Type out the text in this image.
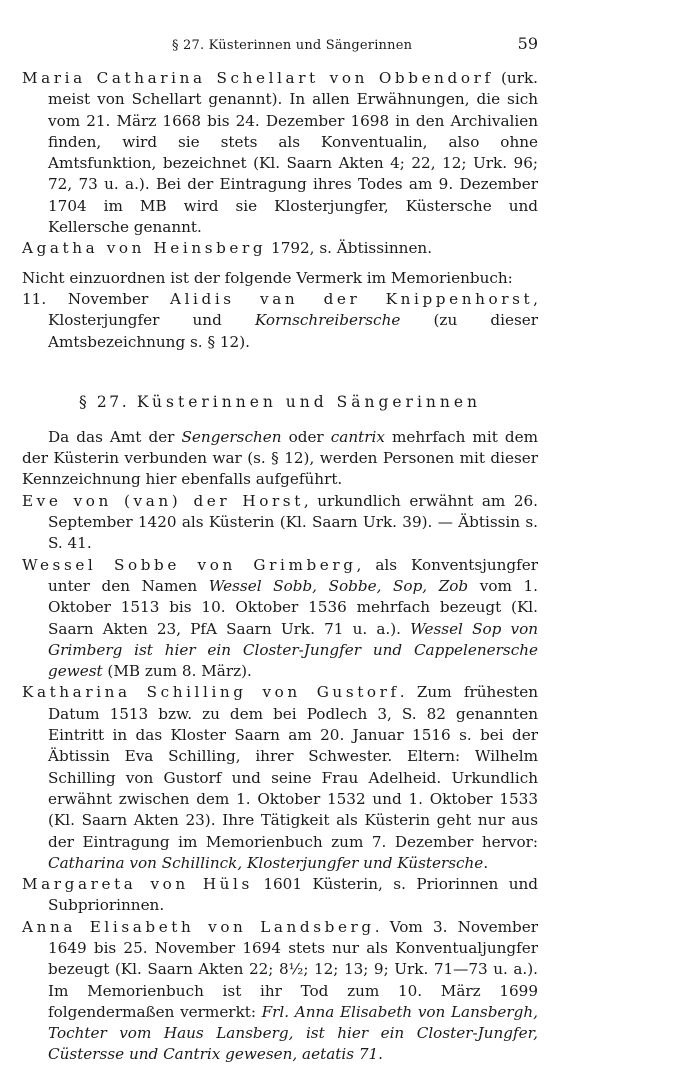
§ 27. Küsterinnen und Sängerinnen	59

Maria Catharina Schellart von Obbendorf (urk. meist von Schellart genannt). In allen Erwähnungen, die sich vom 21. März 1668 bis 24. Dezember 1698 in den Archivalien finden, wird sie stets als Konventualin, also ohne Amtsfunktion, bezeichnet (Kl. Saarn Akten 4; 22, 12; Urk. 96; 72, 73 u. a.). Bei der Eintragung ihres Todes am 9. Dezember 1704 im MB wird sie Klosterjungfer, Küstersche und Kellersche genannt.

Agatha von Heinsberg 1792, s. Äbtissinnen.

Nicht einzuordnen ist der folgende Vermerk im Memorienbuch:

11. November Alidis van der Knippenhorst, Klosterjungfer und Kornschreibersche (zu dieser Amtsbezeichnung s. § 12).

§ 27. Küsterinnen und Sängerinnen

Da das Amt der Sengerschen oder cantrix mehrfach mit dem der Küsterin verbunden war (s. § 12), werden Personen mit dieser Kennzeichnung hier ebenfalls aufgeführt.

Eve von (van) der Horst, urkundlich erwähnt am 26. September 1420 als Küsterin (Kl. Saarn Urk. 39). — Äbtissin s. S. 41.

Wessel Sobbe von Grimberg, als Konventsjungfer unter den Namen Wessel Sobb, Sobbe, Sop, Zob vom 1. Oktober 1513 bis 10. Oktober 1536 mehrfach bezeugt (Kl. Saarn Akten 23, PfA Saarn Urk. 71 u. a.). Wessel Sop von Grimberg ist hier ein Closter-Jungfer und Cappelenersche gewest (MB zum 8. März).

Katharina Schilling von Gustorf. Zum frühesten Datum 1513 bzw. zu dem bei Podlech 3, S. 82 genannten Eintritt in das Kloster Saarn am 20. Januar 1516 s. bei der Äbtissin Eva Schilling, ihrer Schwester. Eltern: Wilhelm Schilling von Gustorf und seine Frau Adelheid. Urkundlich erwähnt zwischen dem 1. Oktober 1532 und 1. Oktober 1533 (Kl. Saarn Akten 23). Ihre Tätigkeit als Küsterin geht nur aus der Eintragung im Memorienbuch zum 7. Dezember hervor: Catharina von Schillinck, Klosterjungfer und Küstersche.

Margareta von Hüls 1601 Küsterin, s. Priorinnen und Subpriorinnen.

Anna Elisabeth von Landsberg. Vom 3. November 1649 bis 25. November 1694 stets nur als Konventualjungfer bezeugt (Kl. Saarn Akten 22; 8½; 12; 13; 9; Urk. 71—73 u. a.). Im Memorienbuch ist ihr Tod zum 10. März 1699 folgendermaßen vermerkt: Frl. Anna Elisabeth von Lansbergh, Tochter vom Haus Lansberg, ist hier ein Closter-Jungfer, Cüstersse und Cantrix gewesen, aetatis 71.
